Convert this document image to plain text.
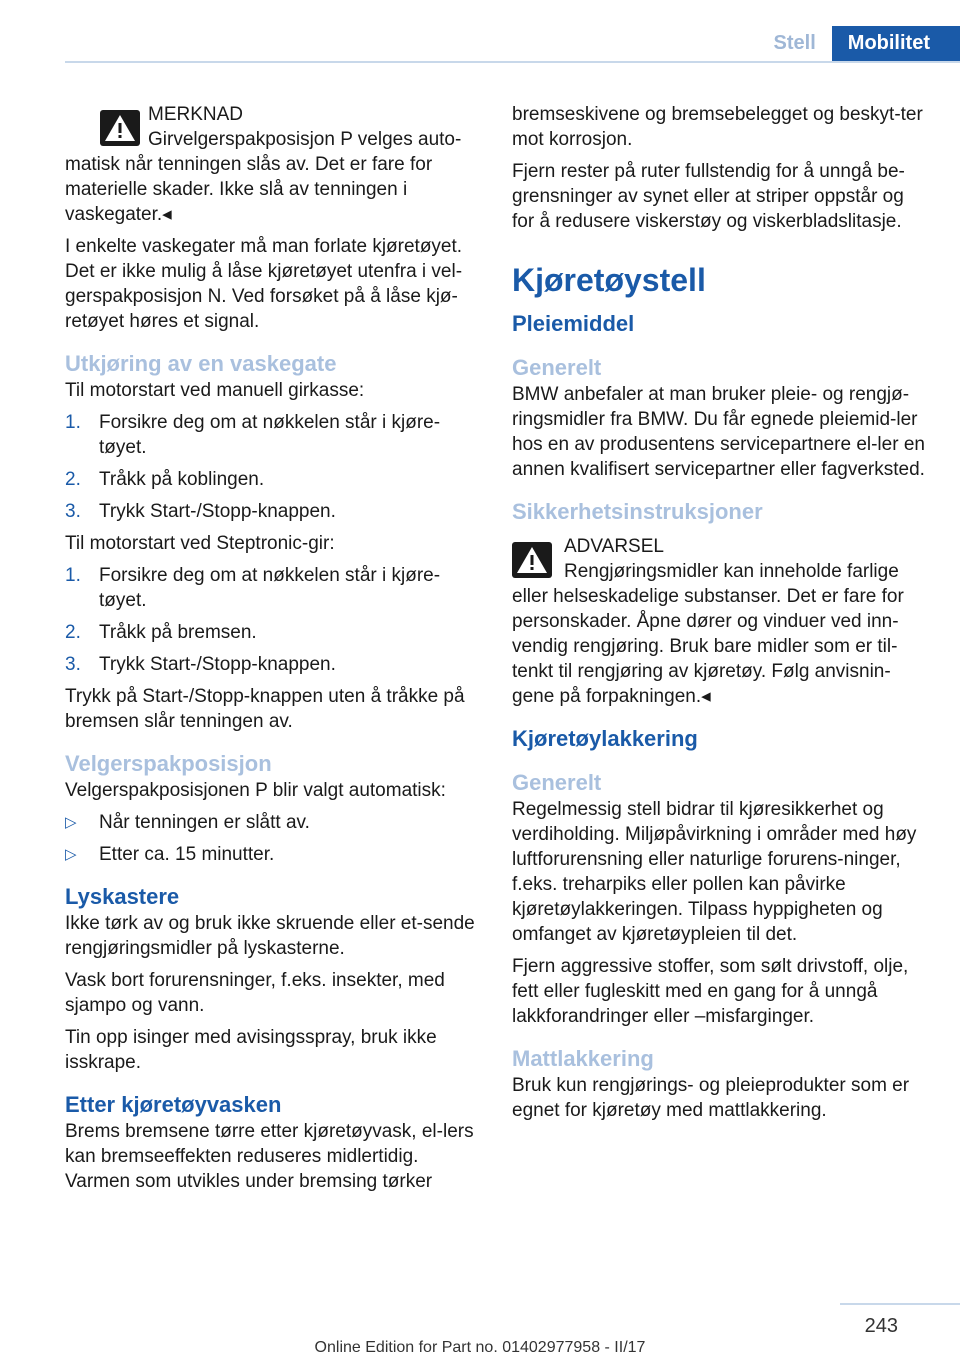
Stell	Mobilitet
MERKNAD
Girvelgerspakposisjon P velges auto-
matisk når tenningen slås av. Det er fare for
materielle skader. Ikke slå av tenningen i
vaskegater.◂

I enkelte vaskegater må man forlate kjøretøyet. Det er ikke mulig å låse kjøretøyet utenfra i vel-gerspakposisjon N. Ved forsøket på å låse kjø-retøyet høres et signal.

Utkjøring av en vaskegate

Til motorstart ved manuell girkasse:

1. Forsikre deg om at nøkkelen står i kjøre-tøyet.
2. Tråkk på koblingen.
3. Trykk Start-/Stopp-knappen.

Til motorstart ved Steptronic-gir:

1. Forsikre deg om at nøkkelen står i kjøre-tøyet.
2. Tråkk på bremsen.
3. Trykk Start-/Stopp-knappen.

Trykk på Start-/Stopp-knappen uten å tråkke på bremsen slår tenningen av.

Velgerspakposisjon

Velgerspakposisjonen P blir valgt automatisk:

▷	Når tenningen er slått av.
▷	Etter ca. 15 minutter.
Lyskastere

Ikke tørk av og bruk ikke skruende eller et-sende rengjøringsmidler på lyskasterne.

Vask bort forurensninger, f.eks. insekter, med sjampo og vann.

Tin opp isinger med avisingsspray, bruk ikke isskrape.

Etter kjøretøyvasken

Brems bremsene tørre etter kjøretøyvask, el-lers kan bremseeffekten reduseres midlertidig. Varmen som utvikles under bremsing tørker

bremseskivene og bremsebelegget og beskyt-ter mot korrosjon.

Fjern rester på ruter fullstendig for å unngå be-grensninger av synet eller at striper oppstår og for å redusere viskerstøy og viskerbladslitasje.

Kjøretøystell
Pleiemiddel
Generelt

BMW anbefaler at man bruker pleie- og rengjø-ringsmidler fra BMW. Du får egnede pleiemid-ler hos en av produsentens servicepartnere el-ler en annen kvalifisert servicepartner eller fagverksted.

Sikkerhetsinstruksjoner
ADVARSEL
Rengjøringsmidler kan inneholde farlige
eller helseskadelige substanser. Det er fare for
personskader. Åpne dører og vinduer ved inn-
vendig rengjøring. Bruk bare midler som er til-
tenkt til rengjøring av kjøretøy. Følg anvisnin-
gene på forpakningen.◂
Kjøretøylakkering
Generelt

Regelmessig stell bidrar til kjøresikkerhet og verdiholding. Miljøpåvirkning i områder med høy luftforurensning eller naturlige forurens-ninger, f.eks. treharpiks eller pollen kan påvirke kjøretøylakkeringen. Tilpass hyppigheten og omfanget av kjøretøypleien til det.

Fjern aggressive stoffer, som sølt drivstoff, olje, fett eller fugleskitt med en gang for å unngå lakkforandringer eller –misfarginger.

Mattlakkering

Bruk kun rengjørings- og pleieprodukter som er egnet for kjøretøy med mattlakkering.

243
Online Edition for Part no. 01402977958 - II/17
